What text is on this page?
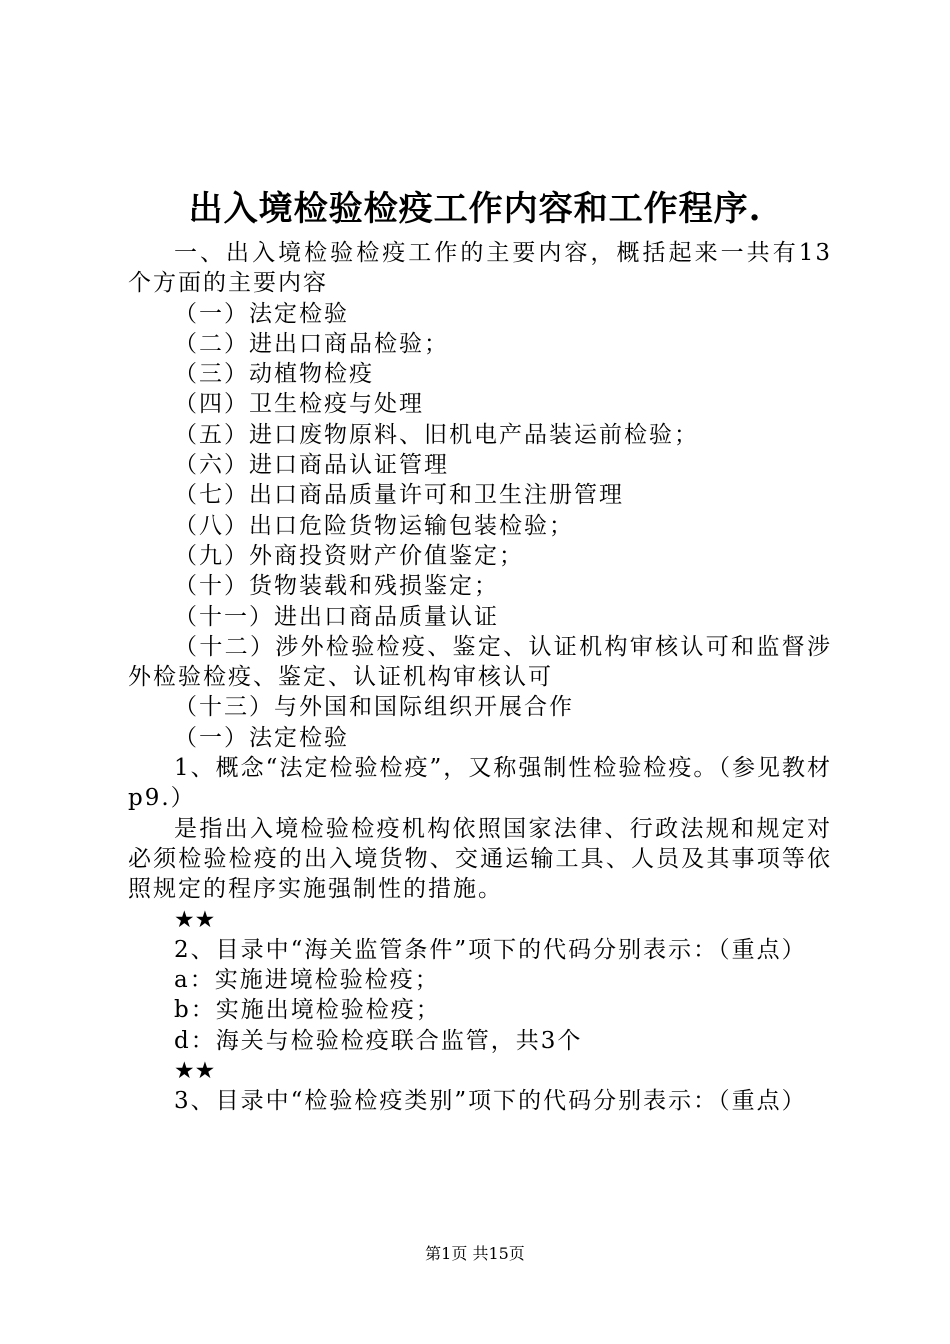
出入境检验检疫工作内容和工作程序.

一、出入境检验检疫工作的主要内容，概括起来一共有13个方面的主要内容

（一）法定检验

（二）进出口商品检验；

（三）动植物检疫

（四）卫生检疫与处理

（五）进口废物原料、旧机电产品装运前检验；

（六）进口商品认证管理

（七）出口商品质量许可和卫生注册管理

（八）出口危险货物运输包装检验；

（九）外商投资财产价值鉴定；

（十）货物装载和残损鉴定；

（十一）进出口商品质量认证

（十二）涉外检验检疫、鉴定、认证机构审核认可和监督涉外检验检疫、鉴定、认证机构审核认可

（十三）与外国和国际组织开展合作

（一）法定检验

1、概念“法定检验检疫”，又称强制性检验检疫。（参见教材p9.）

是指出入境检验检疫机构依照国家法律、行政法规和规定对必须检验检疫的出入境货物、交通运输工具、人员及其事项等依照规定的程序实施强制性的措施。

★★

2、目录中“海关监管条件”项下的代码分别表示：（重点）

a：实施进境检验检疫；

b：实施出境检验检疫；

d：海关与检验检疫联合监管，共3个

★★

3、目录中“检验检疫类别”项下的代码分别表示：（重点）

第1页 共15页
